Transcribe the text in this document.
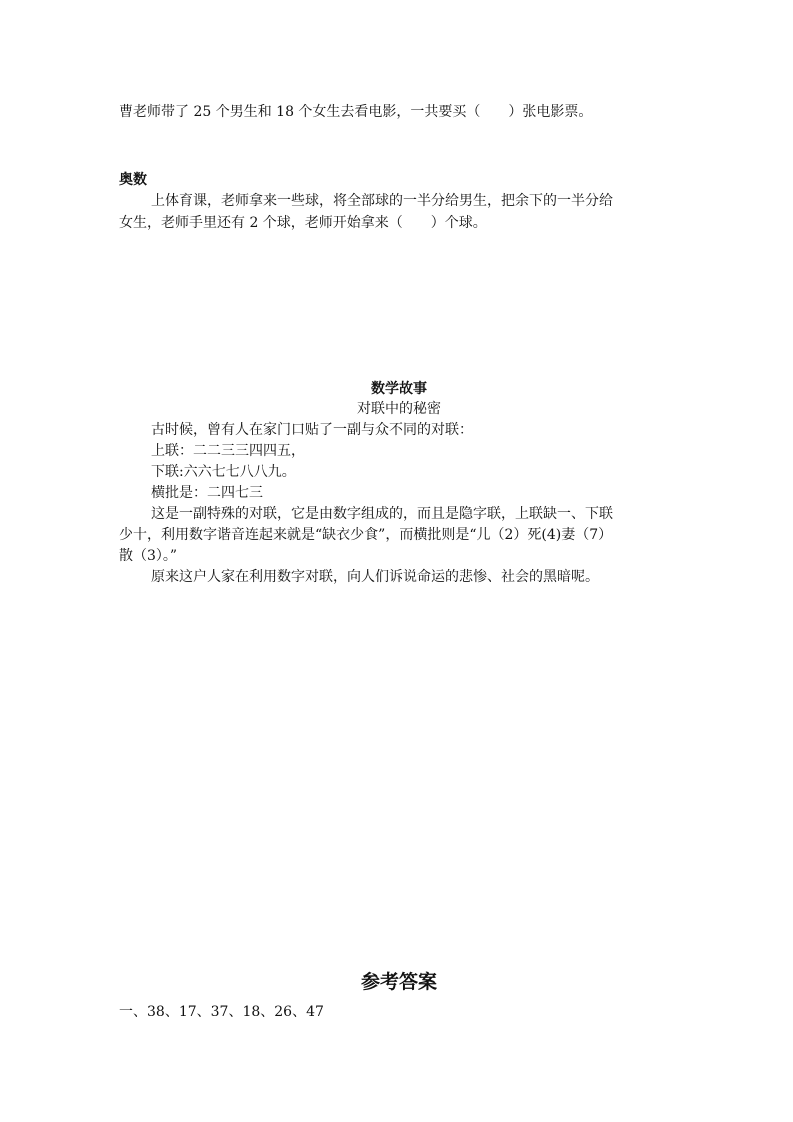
曹老师带了 25 个男生和 18 个女生去看电影，一共要买（　　）张电影票。
奥数
上体育课，老师拿来一些球，将全部球的一半分给男生，把余下的一半分给
女生，老师手里还有 2 个球，老师开始拿来（　　）个球。
数学故事
对联中的秘密
古时候，曾有人在家门口贴了一副与众不同的对联：
上联：二二三三四四五，
下联:六六七七八八九。
横批是：二四七三
这是一副特殊的对联，它是由数字组成的，而且是隐字联，上联缺一、下联
少十，利用数字谐音连起来就是“缺衣少食”，而横批则是“儿（2）死(4)妻（7）
散（3）。”
原来这户人家在利用数字对联，向人们诉说命运的悲惨、社会的黑暗呢。
参考答案
一、38、17、37、18、26、47
